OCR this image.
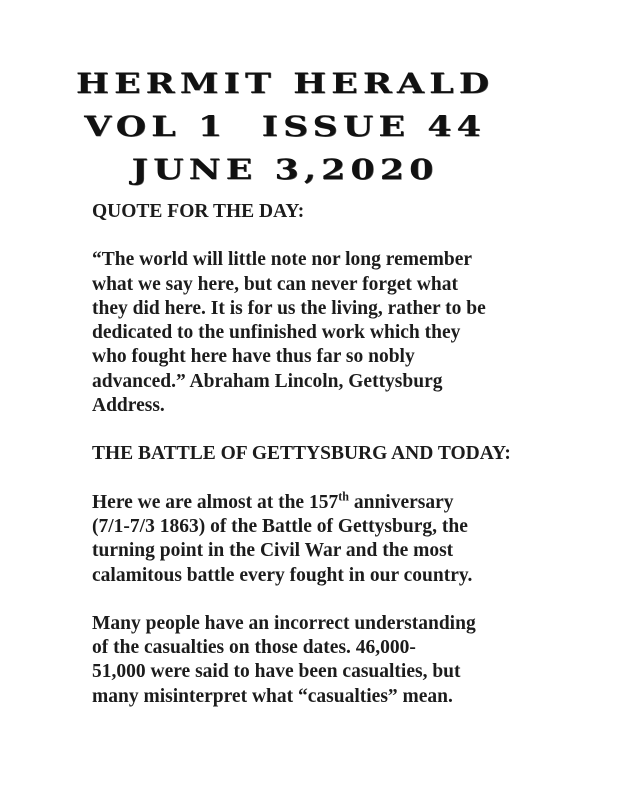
HERMIT HERALD
VOL 1  ISSUE 44
JUNE 3,2020
QUOTE FOR THE DAY:
“The world will little note nor long remember
what we say here, but can never forget what
they did here. It is for us the living, rather to be
dedicated to the unfinished work which they
who fought here have thus far so nobly
advanced.” Abraham Lincoln, Gettysburg
Address.
THE BATTLE OF GETTYSBURG AND TODAY:
Here we are almost at the 157th anniversary
(7/1-7/3 1863) of the Battle of Gettysburg, the
turning point in the Civil War and the most
calamitous battle every fought in our country.
Many people have an incorrect understanding
of the casualties on those dates. 46,000-
51,000 were said to have been casualties, but
many misinterpret what “casualties” mean.
